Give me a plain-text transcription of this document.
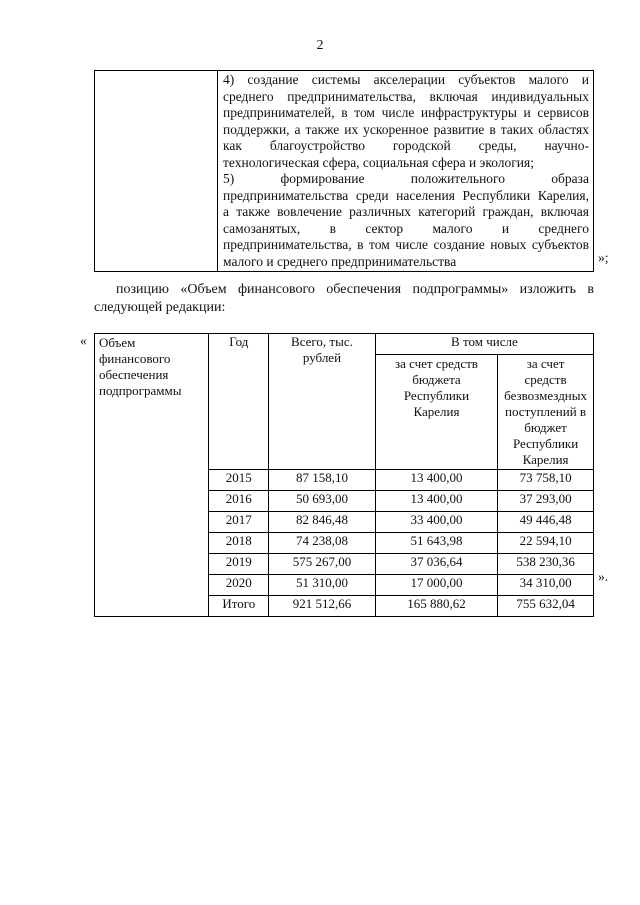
2

4) создание системы акселерации субъектов малого и
среднего предпринимательства, включая индивидуальных
предпринимателей, в том числе инфраструктуры и сервисов
поддержки, а также их ускоренное развитие в таких областях
как благоустройство городской среды, научно-
технологическая сфера, социальная сфера и экология;
5) формирование положительного образа
предпринимательства среди населения Республики Карелия,
а также вовлечение различных категорий граждан, включая
самозанятых, в сектор малого и среднего
предпринимательства, в том числе создание новых субъектов
малого и среднего предпринимательства	»;
позицию «Объем финансового обеспечения подпрограммы» изложить в
следующей редакции:
« Объем финансового обеспечения подпрограммы	Год	Всего, тыс. рублей	В том числе	
			за счет средств бюджета Республики Карелия	за счет средств безвозмездных поступлений в бюджет Республики Карелия
	2015	87 158,10	13 400,00	73 758,10
	2016	50 693,00	13 400,00	37 293,00
	2017	82 846,48	33 400,00	49 446,48
	2018	74 238,08	51 643,98	22 594,10
	2019	575 267,00	37 036,64	538 230,36
	2020	51 310,00	17 000,00	34 310,00
	Итого	921 512,66	165 880,62	755 632,04
».
